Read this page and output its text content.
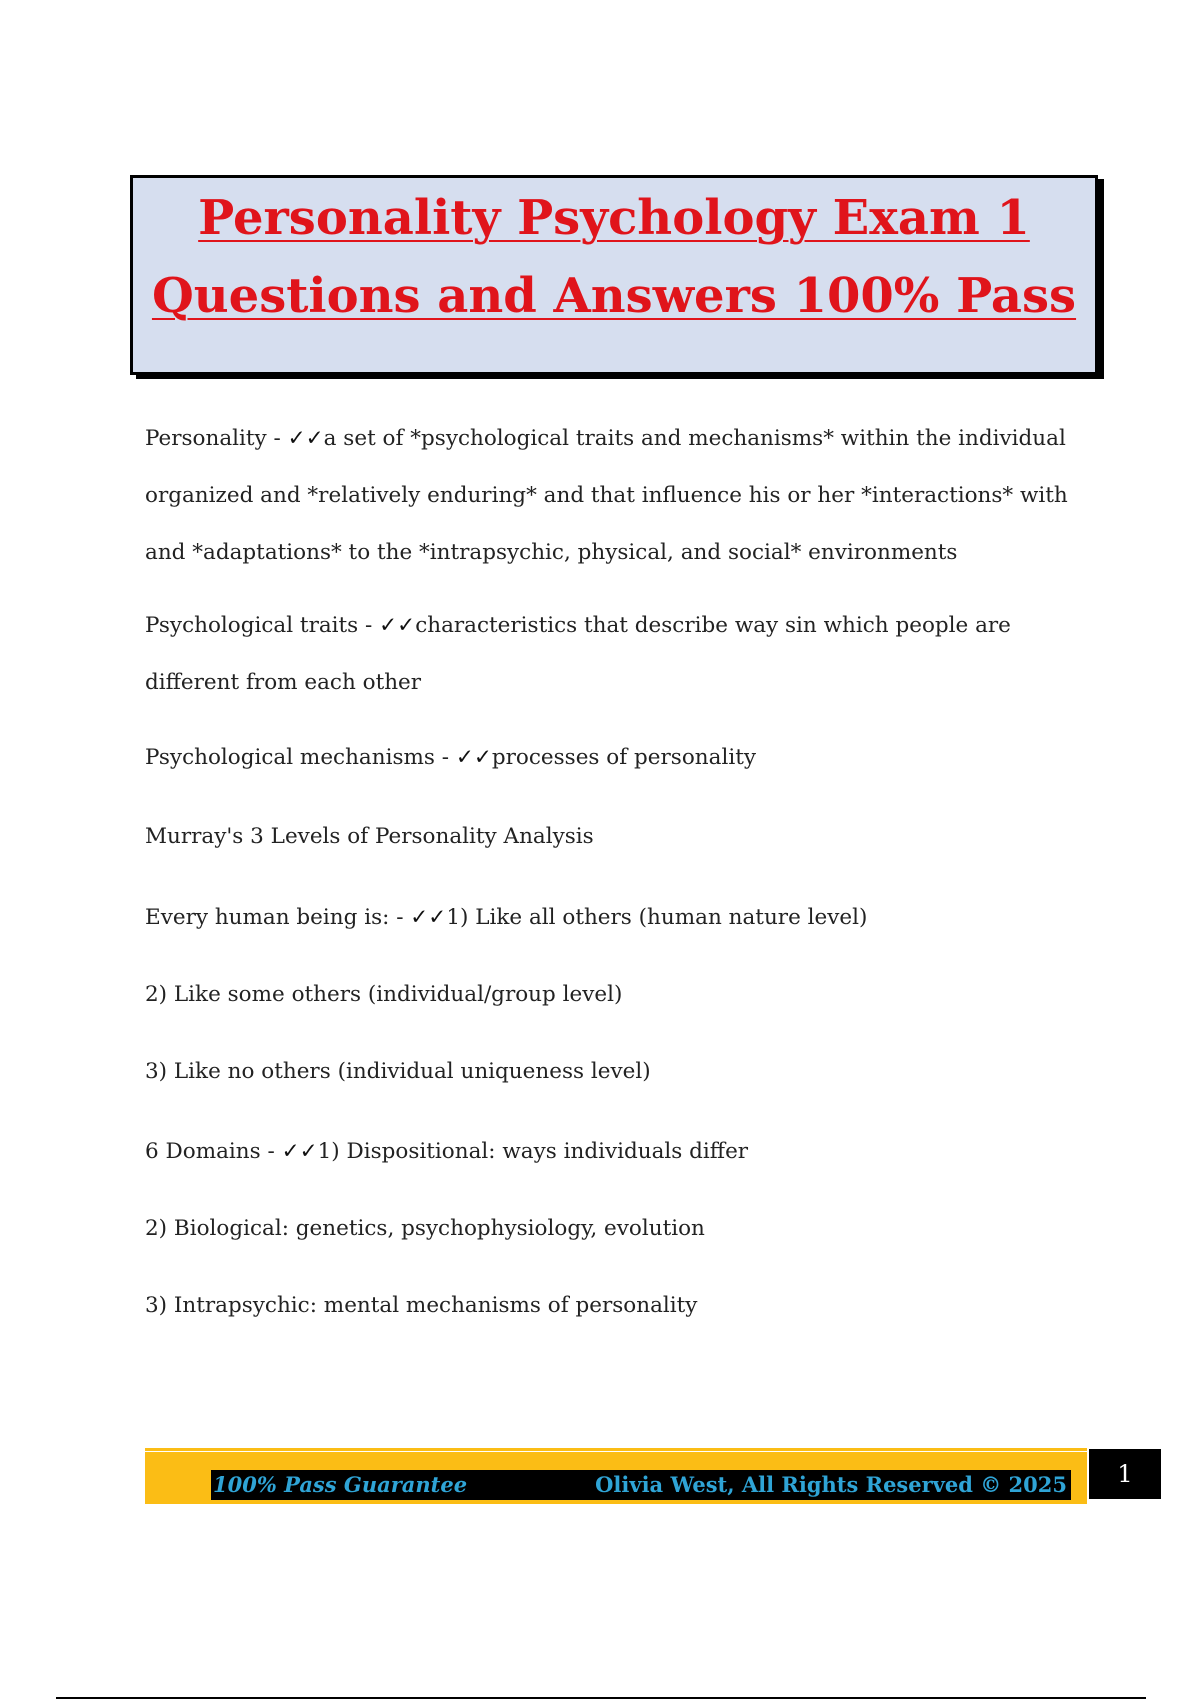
Personality Psychology Exam 1
Questions and Answers 100% Pass
Personality - ✓✓a set of *psychological traits and mechanisms* within the individual organized and *relatively enduring* and that influence his or her *interactions* with and *adaptations* to the *intrapsychic, physical, and social* environments
Psychological traits - ✓✓characteristics that describe way sin which people are different from each other
Psychological mechanisms - ✓✓processes of personality
Murray's 3 Levels of Personality Analysis
Every human being is: - ✓✓1) Like all others (human nature level)
2) Like some others (individual/group level)
3) Like no others (individual uniqueness level)
6 Domains - ✓✓1) Dispositional: ways individuals differ
2) Biological: genetics, psychophysiology, evolution
3) Intrapsychic: mental mechanisms of personality
100% Pass Guarantee	Olivia West, All Rights Reserved © 2025	1
